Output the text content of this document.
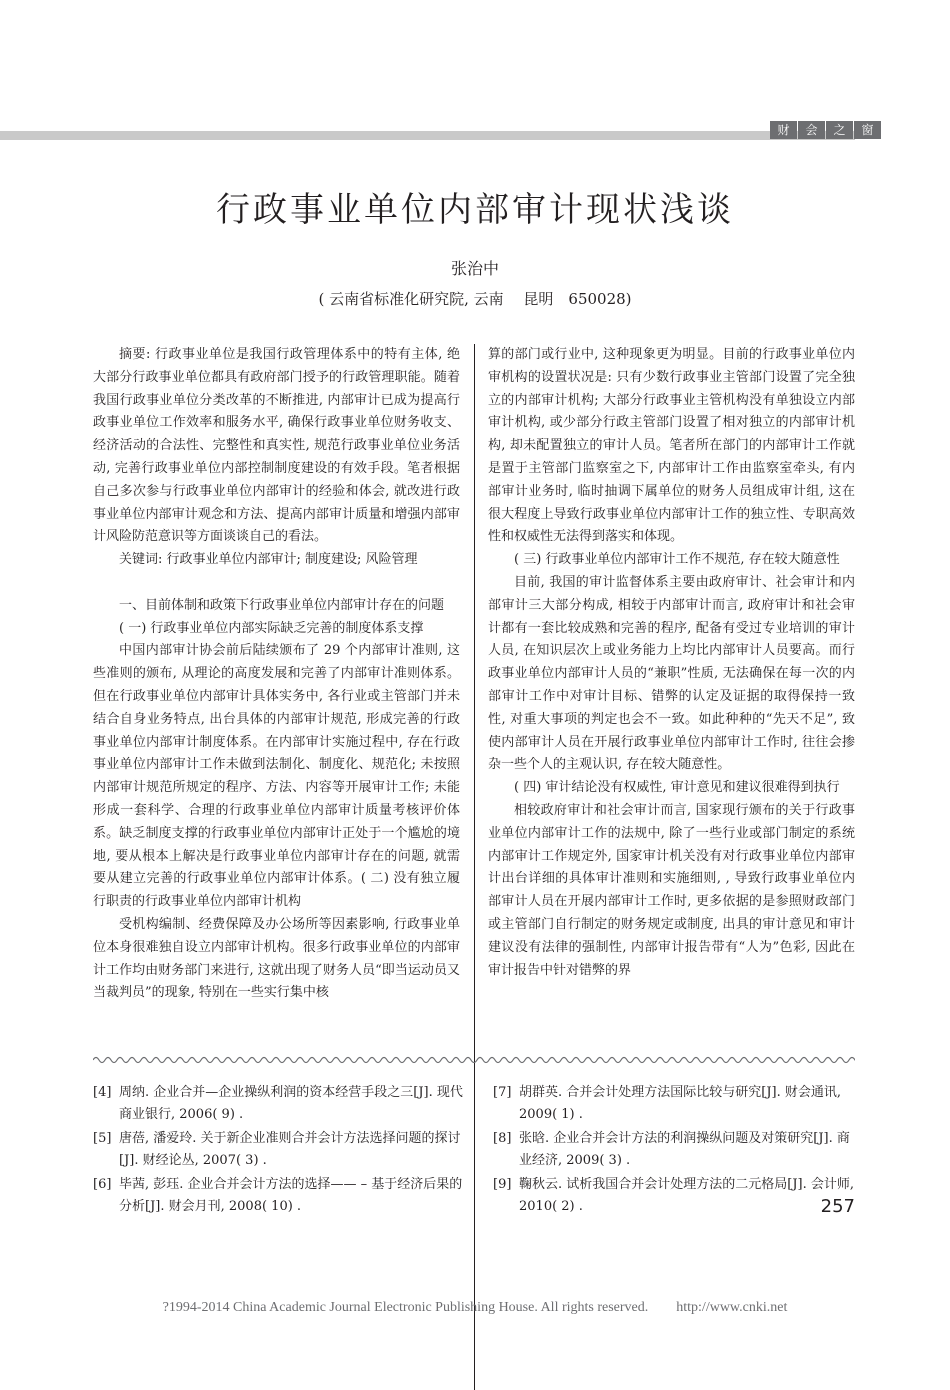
财	会	之	窗
行政事业单位内部审计现状浅谈
张治中
( 云南省标准化研究院, 云南　 昆明　650028)

摘要: 行政事业单位是我国行政管理体系中的特有主体, 绝大部分行政事业单位都具有政府部门授予的行政管理职能。随着我国行政事业单位分类改革的不断推进, 内部审计已成为提高行政事业单位工作效率和服务水平, 确保行政事业单位财务收支、经济活动的合法性、完整性和真实性, 规范行政事业单位业务活动, 完善行政事业单位内部控制制度建设的有效手段。笔者根据自己多次参与行政事业单位内部审计的经验和体会, 就改进行政事业单位内部审计观念和方法、提高内部审计质量和增强内部审计风险防范意识等方面谈谈自己的看法。

关键词: 行政事业单位内部审计; 制度建设; 风险管理

一、目前体制和政策下行政事业单位内部审计存在的问题

( 一) 行政事业单位内部实际缺乏完善的制度体系支撑

中国内部审计协会前后陆续颁布了 29 个内部审计准则, 这些准则的颁布, 从理论的高度发展和完善了内部审计准则体系。但在行政事业单位内部审计具体实务中, 各行业或主管部门并未结合自身业务特点, 出台具体的内部审计规范, 形成完善的行政事业单位内部审计制度体系。在内部审计实施过程中, 存在行政事业单位内部审计工作未做到法制化、制度化、规范化; 未按照内部审计规范所规定的程序、方法、内容等开展审计工作; 未能形成一套科学、合理的行政事业单位内部审计质量考核评价体系。缺乏制度支撑的行政事业单位内部审计正处于一个尴尬的境地, 要从根本上解决是行政事业单位内部审计存在的问题, 就需要从建立完善的行政事业单位内部审计体系。( 二) 没有独立履行职责的行政事业单位内部审计机构

受机构编制、经费保障及办公场所等因素影响, 行政事业单位本身很难独自设立内部审计机构。很多行政事业单位的内部审计工作均由财务部门来进行, 这就出现了财务人员“即当运动员又当裁判员”的现象, 特别在一些实行集中核

算的部门或行业中, 这种现象更为明显。目前的行政事业单位内审机构的设置状况是: 只有少数行政事业主管部门设置了完全独立的内部审计机构; 大部分行政事业主管机构没有单独设立内部审计机构, 或少部分行政主管部门设置了相对独立的内部审计机构, 却未配置独立的审计人员。笔者所在部门的内部审计工作就是置于主管部门监察室之下, 内部审计工作由监察室牵头, 有内部审计业务时, 临时抽调下属单位的财务人员组成审计组, 这在很大程度上导致行政事业单位内部审计工作的独立性、专职高效性和权威性无法得到落实和体现。

( 三) 行政事业单位内部审计工作不规范, 存在较大随意性

目前, 我国的审计监督体系主要由政府审计、社会审计和内部审计三大部分构成, 相较于内部审计而言, 政府审计和社会审计都有一套比较成熟和完善的程序, 配备有受过专业培训的审计人员, 在知识层次上或业务能力上均比内部审计人员要高。而行政事业单位内部审计人员的“兼职”性质, 无法确保在每一次的内部审计工作中对审计目标、错弊的认定及证据的取得保持一致性, 对重大事项的判定也会不一致。如此种种的“先天不足”, 致使内部审计人员在开展行政事业单位内部审计工作时, 往往会掺杂一些个人的主观认识, 存在较大随意性。

( 四) 审计结论没有权威性, 审计意见和建议很难得到执行

相较政府审计和社会审计而言, 国家现行颁布的关于行政事业单位内部审计工作的法规中, 除了一些行业或部门制定的系统内部审计工作规定外, 国家审计机关没有对行政事业单位内部审计出台详细的具体审计准则和实施细则, , 导致行政事业单位内部审计人员在开展内部审计工作时, 更多依据的是参照财政部门或主管部门自行制定的财务规定或制度, 出具的审计意见和审计建议没有法律的强制性, 内部审计报告带有“人为”色彩, 因此在审计报告中针对错弊的界

[4] 周纳. 企业合并—企业操纵利润的资本经营手段之三[J]. 现代商业银行, 2006( 9) .
[5] 唐蓓, 潘爱玲. 关于新企业准则合并会计方法选择问题的探讨[J]. 财经论丛, 2007( 3) .
[6] 毕茜, 彭珏. 企业合并会计方法的选择—— – 基于经济后果的分析[J]. 财会月刊, 2008( 10) .
[7] 胡群英. 合并会计处理方法国际比较与研究[J]. 财会通讯, 2009( 1) .
[8] 张晗. 企业合并会计方法的利润操纵问题及对策研究[J]. 商业经济, 2009( 3) .
[9] 鞠秋云. 试析我国合并会计处理方法的二元格局[J]. 会计师, 2010( 2) .	257
?1994-2014 China Academic Journal Electronic Publishing House. All rights reserved.　　http://www.cnki.net
